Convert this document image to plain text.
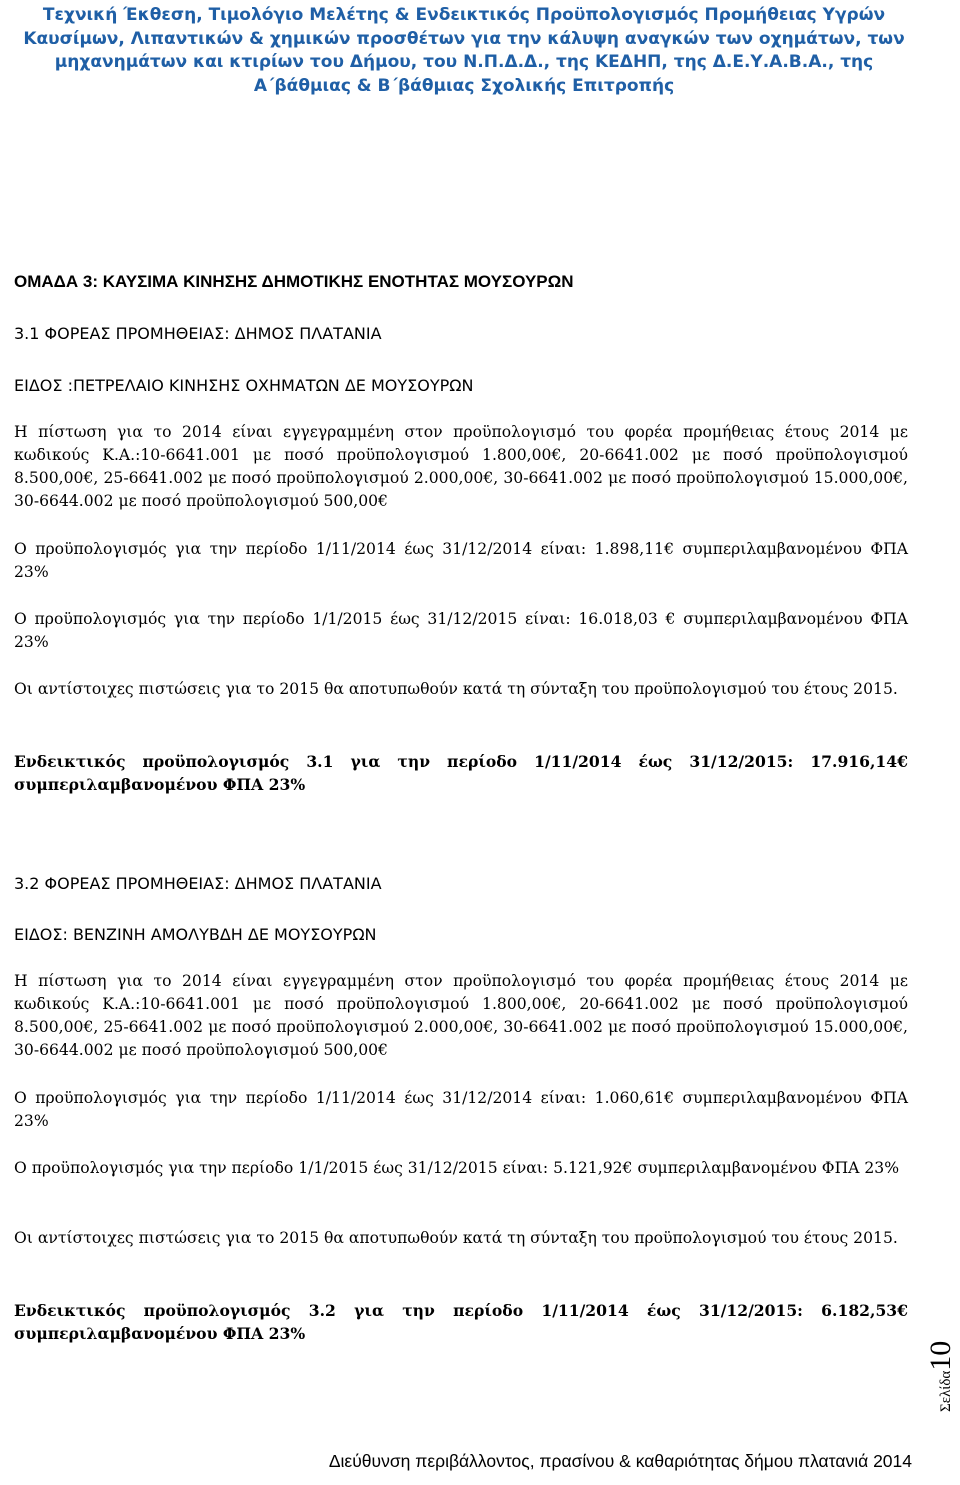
Τεχνική Έκθεση, Τιμολόγιο Μελέτης & Ενδεικτικός Προϋπολογισμός Προμήθειας Υγρών
Καυσίμων, Λιπαντικών & χημικών προσθέτων για την κάλυψη αναγκών των οχημάτων, των
μηχανημάτων και κτιρίων του Δήμου, του Ν.Π.Δ.Δ., της ΚΕΔΗΠ, της Δ.Ε.Υ.Α.Β.Α., της
Α΄βάθμιας & Β΄βάθμιας Σχολικής Επιτροπής
ΟΜΑΔΑ 3: ΚΑΥΣΙΜΑ ΚΙΝΗΣΗΣ ΔΗΜΟΤΙΚΗΣ ΕΝΟΤΗΤΑΣ ΜΟΥΣΟΥΡΩΝ
3.1 ΦΟΡΕΑΣ ΠΡΟΜΗΘΕΙΑΣ: ΔΗΜΟΣ ΠΛΑΤΑΝΙΑ
ΕΙΔΟΣ :ΠΕΤΡΕΛΑΙΟ ΚΙΝΗΣΗΣ ΟΧΗΜΑΤΩΝ ΔΕ ΜΟΥΣΟΥΡΩΝ
Η πίστωση για το 2014 είναι εγγεγραμμένη στον προϋπολογισμό του φορέα προμήθειας έτους 2014 με κωδικούς Κ.Α.:10-6641.001 με ποσό προϋπολογισμού 1.800,00€, 20-6641.002 με ποσό προϋπολογισμού 8.500,00€, 25-6641.002 με ποσό προϋπολογισμού 2.000,00€, 30-6641.002 με ποσό προϋπολογισμού 15.000,00€, 30-6644.002 με ποσό προϋπολογισμού 500,00€
Ο προϋπολογισμός για την περίοδο 1/11/2014 έως 31/12/2014 είναι: 1.898,11€ συμπεριλαμβανομένου ΦΠΑ 23%
Ο προϋπολογισμός για την περίοδο 1/1/2015 έως 31/12/2015 είναι: 16.018,03 € συμπεριλαμβανομένου ΦΠΑ 23%
Οι αντίστοιχες πιστώσεις για το 2015 θα αποτυπωθούν κατά τη σύνταξη του προϋπολογισμού του έτους 2015.
Ενδεικτικός προϋπολογισμός 3.1 για την περίοδο 1/11/2014 έως 31/12/2015: 17.916,14€ συμπεριλαμβανομένου ΦΠΑ 23%
3.2 ΦΟΡΕΑΣ ΠΡΟΜΗΘΕΙΑΣ: ΔΗΜΟΣ ΠΛΑΤΑΝΙΑ
ΕΙΔΟΣ: ΒΕΝΖΙΝΗ ΑΜΟΛΥΒΔΗ ΔΕ ΜΟΥΣΟΥΡΩΝ
Η πίστωση για το 2014 είναι εγγεγραμμένη στον προϋπολογισμό του φορέα προμήθειας έτους 2014 με κωδικούς Κ.Α.:10-6641.001 με ποσό προϋπολογισμού 1.800,00€, 20-6641.002 με ποσό προϋπολογισμού 8.500,00€, 25-6641.002 με ποσό προϋπολογισμού 2.000,00€, 30-6641.002 με ποσό προϋπολογισμού 15.000,00€, 30-6644.002 με ποσό προϋπολογισμού 500,00€
Ο προϋπολογισμός για την περίοδο 1/11/2014 έως 31/12/2014 είναι: 1.060,61€ συμπεριλαμβανομένου ΦΠΑ 23%
Ο προϋπολογισμός για την περίοδο 1/1/2015 έως 31/12/2015 είναι: 5.121,92€ συμπεριλαμβανομένου ΦΠΑ 23%
Οι αντίστοιχες πιστώσεις για το 2015 θα αποτυπωθούν κατά τη σύνταξη του προϋπολογισμού του έτους 2015.
Ενδεικτικός προϋπολογισμός 3.2 για την περίοδο 1/11/2014 έως 31/12/2015: 6.182,53€ συμπεριλαμβανομένου ΦΠΑ 23%
Σελίδα10
Διεύθυνση περιβάλλοντος, πρασίνου & καθαριότητας δήμου πλατανιά 2014
